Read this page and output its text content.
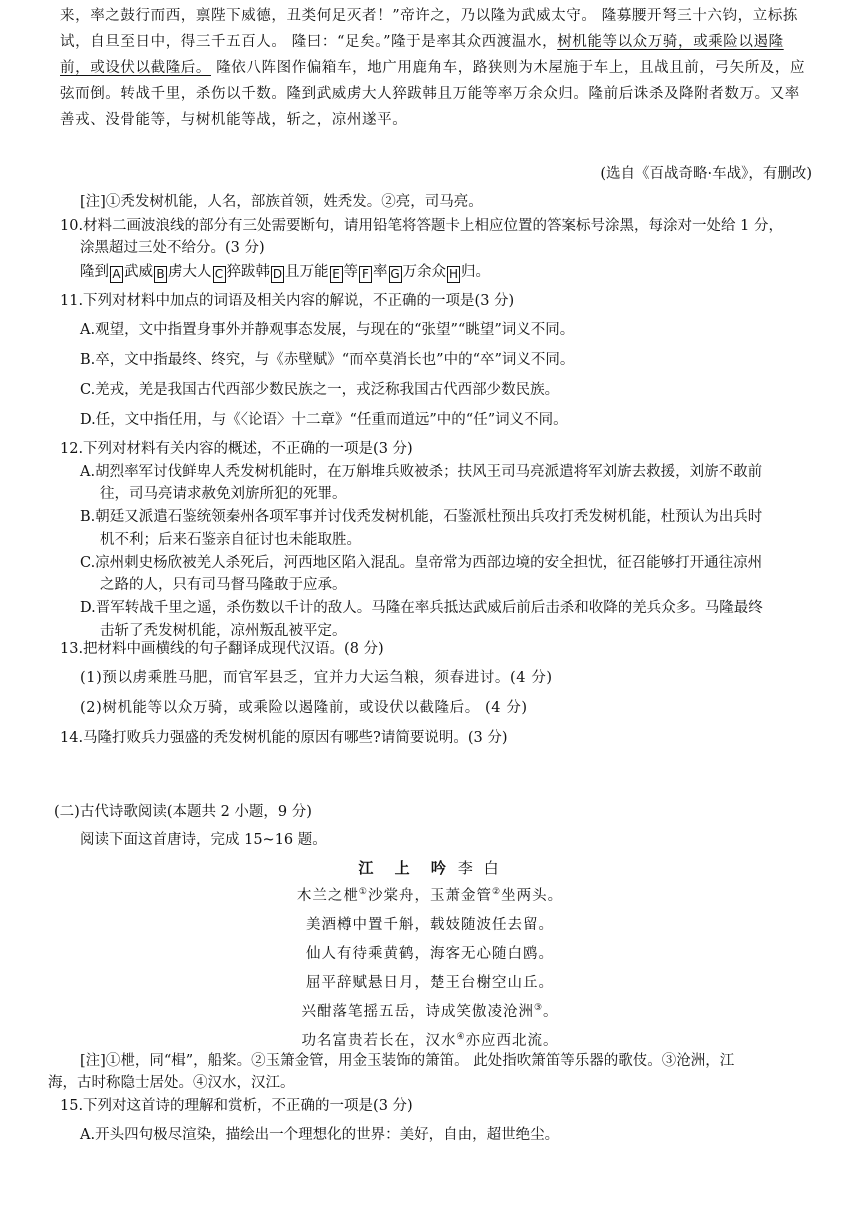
来，率之鼓行而西，禀陛下威德，丑类何足灭者！”帝许之，乃以隆为武威太守。 隆募腰开弩三十六钧，立标拣

试，自旦至日中，得三千五百人。 隆曰：“足矣。”隆于是率其众西渡温水，树机能等以众万骑，或乘险以遏隆

前，或设伏以截隆后。 隆依八阵图作偏箱车，地广用鹿角车，路狭则为木屋施于车上，且战且前，弓矢所及，应

弦而倒。转战千里，杀伤以千数。隆到武威虏大人猝跋韩且万能等率万余众归。隆前后诛杀及降附者数万。又率

善戎、没骨能等，与树机能等战，斩之，凉州遂平。

(选自《百战奇略·车战》，有删改)

[注]①秃发树机能，人名，部族首领，姓秃发。②亮，司马亮。

10.材料二画波浪线的部分有三处需要断句，请用铅笔将答题卡上相应位置的答案标号涂黑，每涂对一处给 1 分，

涂黑超过三处不给分。(3 分)

隆到 A 武威 B 虏大人 C 猝跋韩 D 且万能 E 等 F 率 G 万余众 H 归。

11.下列对材料中加点的词语及相关内容的解说，不正确的一项是(3 分)

A.观望，文中指置身事外并静观事态发展，与现在的“张望”“眺望”词义不同。

B.卒，文中指最终、终究，与《赤壁赋》“而卒莫消长也”中的“卒”词义不同。

C.羌戎，羌是我国古代西部少数民族之一，戎泛称我国古代西部少数民族。

D.任，文中指任用，与《〈论语〉十二章》“任重而道远”中的“任”词义不同。

12.下列对材料有关内容的概述，不正确的一项是(3 分)

A.胡烈率军讨伐鲜卑人秃发树机能时，在万斛堆兵败被杀；扶风王司马亮派遣将军刘旂去救援，刘旂不敢前

往，司马亮请求赦免刘旂所犯的死罪。

B.朝廷又派遣石鉴统领秦州各项军事并讨伐秃发树机能，石鉴派杜预出兵攻打秃发树机能，杜预认为出兵时

机不利；后来石鉴亲自征讨也未能取胜。

C.凉州刺史杨欣被羌人杀死后，河西地区陷入混乱。皇帝常为西部边境的安全担忧，征召能够打开通往凉州

之路的人，只有司马督马隆敢于应承。

D.晋军转战千里之遥，杀伤数以千计的敌人。马隆在率兵抵达武威后前后击杀和收降的羌兵众多。马隆最终

击斩了秃发树机能，凉州叛乱被平定。

13.把材料中画横线的句子翻译成现代汉语。(8 分)

(1)预以虏乘胜马肥，而官军县乏，宜并力大运刍粮，须春进讨。(4 分)

(2)树机能等以众万骑，或乘险以遏隆前，或设伏以截隆后。 (4 分)

14.马隆打败兵力强盛的秃发树机能的原因有哪些?请简要说明。(3 分)

(二)古代诗歌阅读(本题共 2 小题，9 分)

阅读下面这首唐诗，完成 15~16 题。

江 上 吟 李 白
木兰之枻①沙棠舟，玉萧金管②坐两头。
美酒樽中置千斛，载妓随波任去留。
仙人有待乘黄鹤，海客无心随白鸥。
屈平辞赋悬日月，楚王台榭空山丘。
兴酣落笔摇五岳，诗成笑傲凌沧洲③。
功名富贵若长在，汉水④亦应西北流。

[注]①枻，同“楫”，船桨。②玉箫金管，用金玉装饰的箫笛。 此处指吹箫笛等乐器的歌伎。③沧洲，江

海，古时称隐士居处。④汉水，汉江。

15.下列对这首诗的理解和赏析，不正确的一项是(3 分)

A.开头四句极尽渲染，描绘出一个理想化的世界：美好，自由，超世绝尘。
